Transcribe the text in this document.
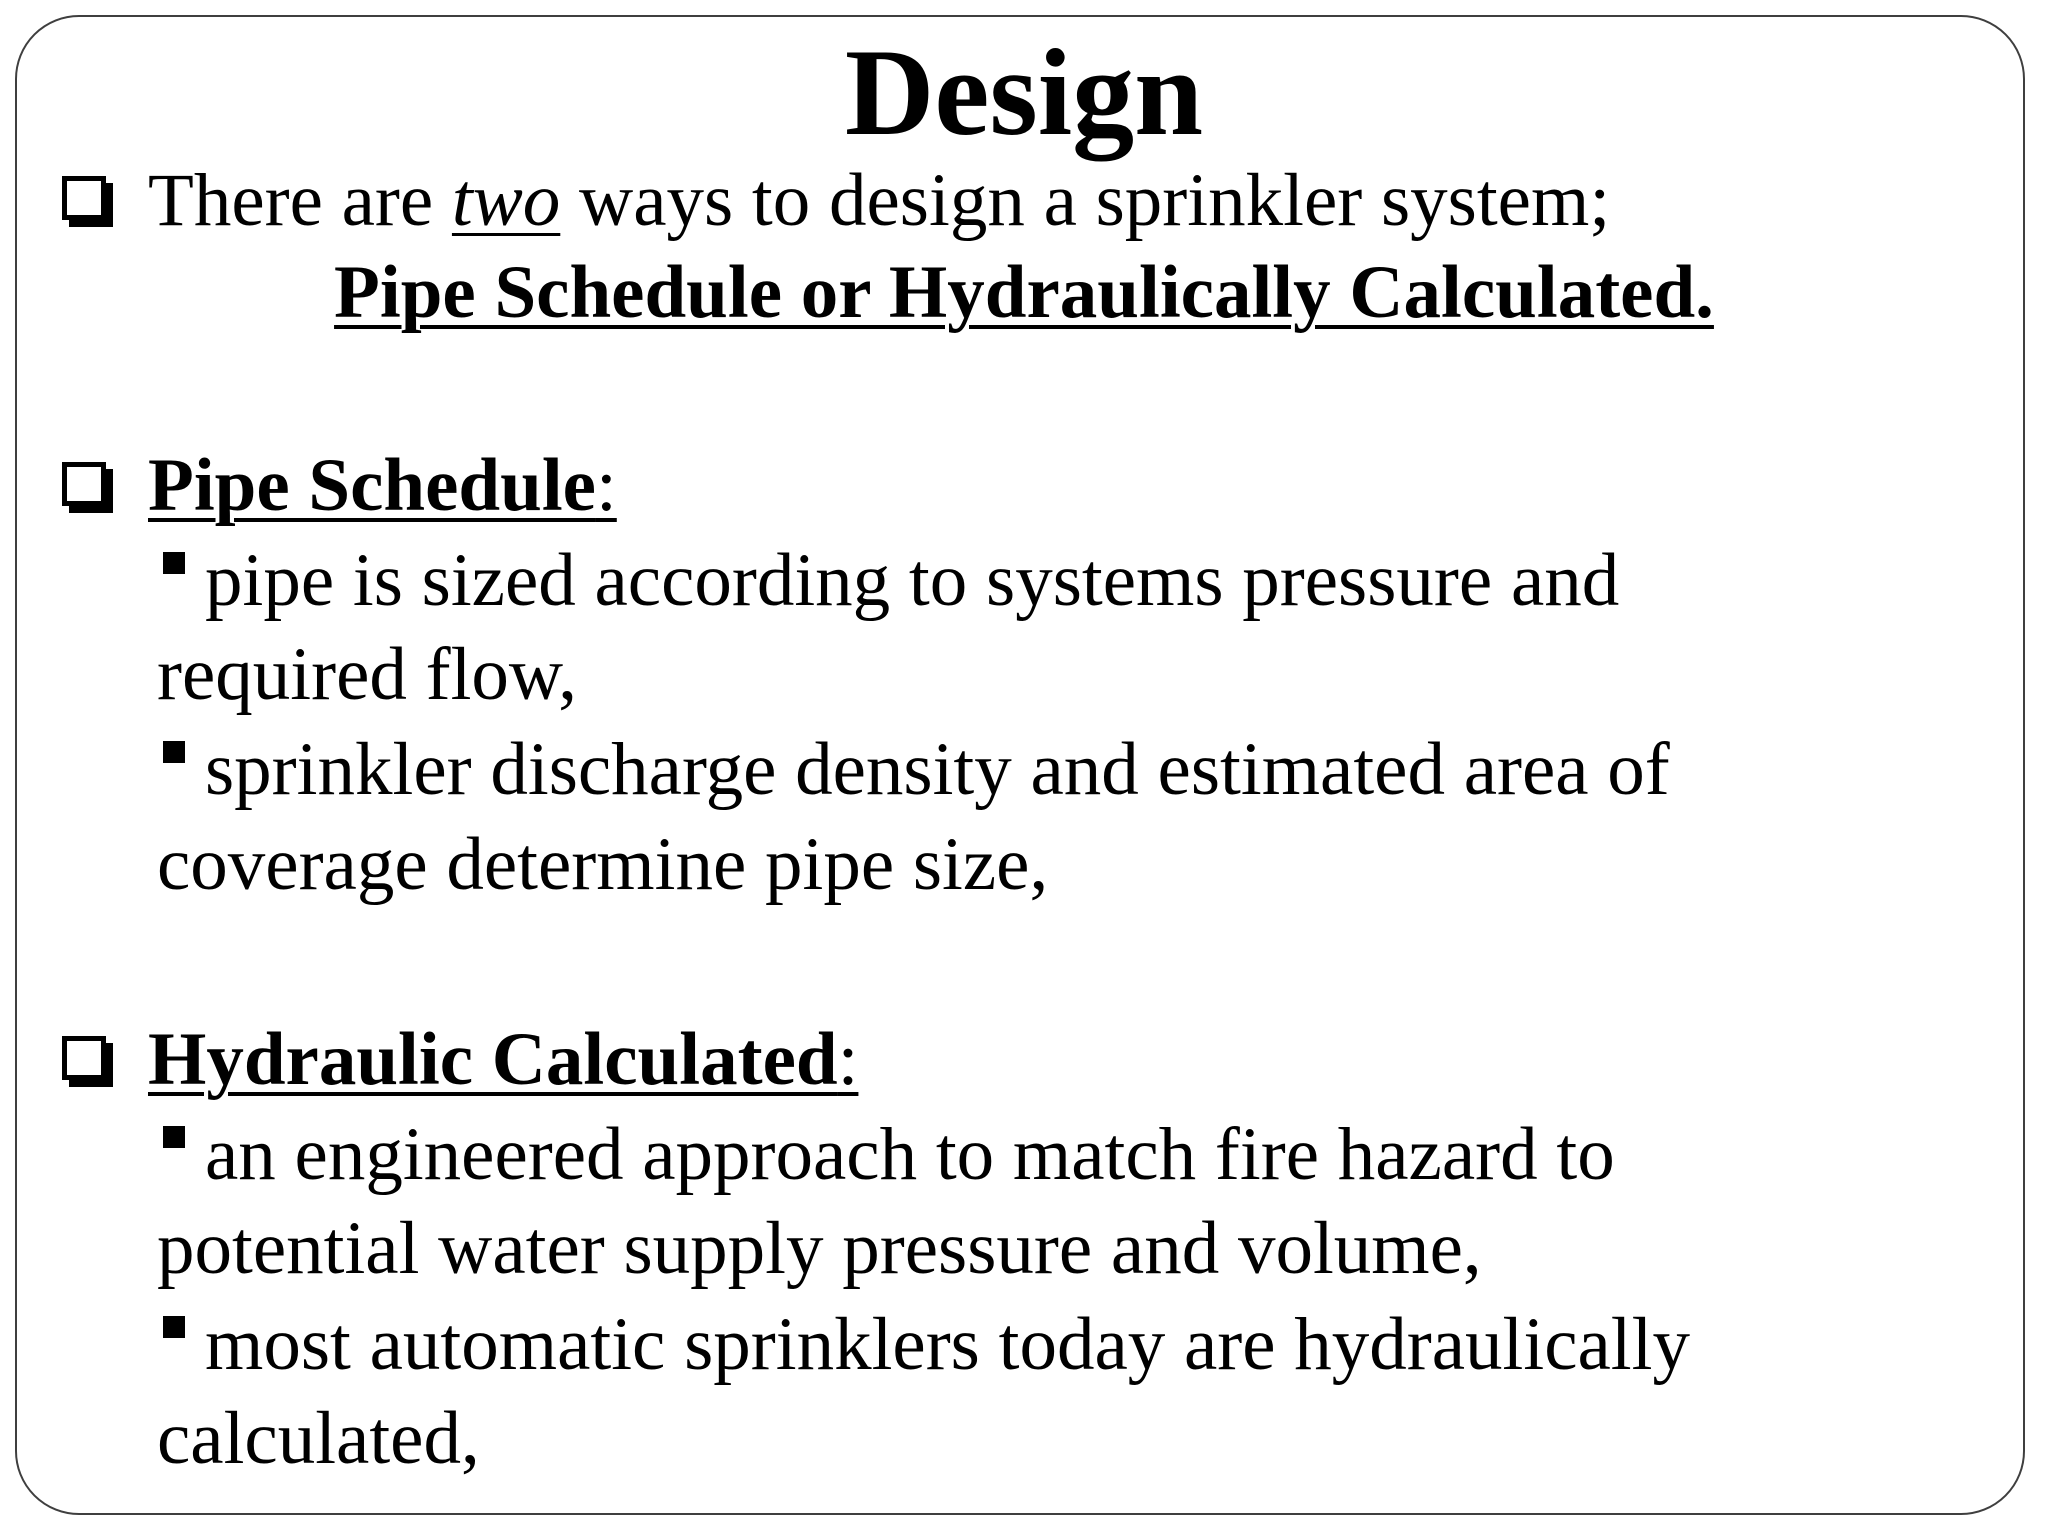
Design
There are two ways to design a sprinkler system;
Pipe Schedule or Hydraulically Calculated.
Pipe Schedule:
pipe is sized according to systems pressure and
required flow,
sprinkler discharge density and estimated area of
coverage determine pipe size,
Hydraulic Calculated:
an engineered approach to match fire hazard to
potential water supply pressure and volume,
most automatic sprinklers today are hydraulically
calculated,
